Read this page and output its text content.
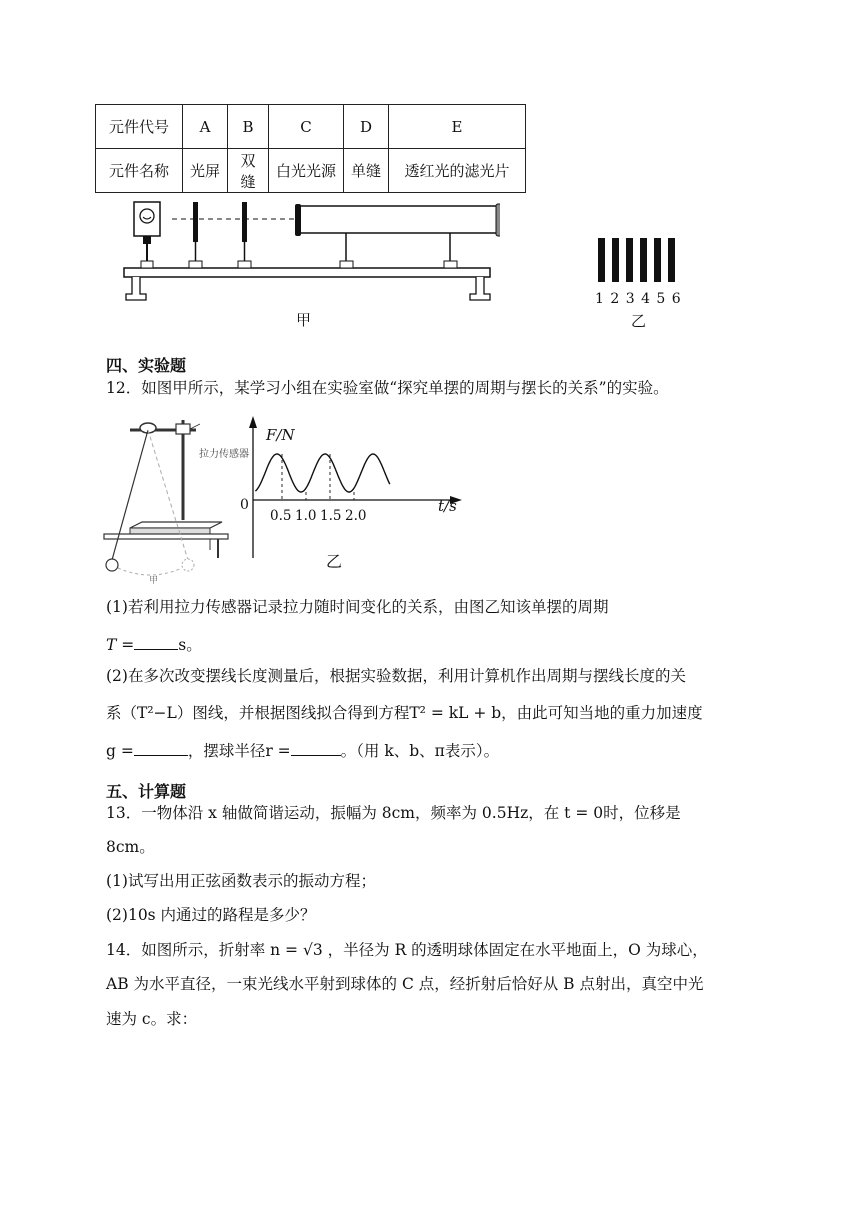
元件代号	A	B	C	D	E
元件名称	光屏	双缝	白光光源	单缝	透红光的滤光片
1 2 3 4 5 6
甲	乙
四、实验题
12．如图甲所示，某学习小组在实验室做“探究单摆的周期与摆长的关系”的实验。
拉力传感器
甲
F/N
t/s
0
0.5 1.0 1.5 2.0
乙
(1)若利用拉力传感器记录拉力随时间变化的关系，由图乙知该单摆的周期
T =	s。
(2)在多次改变摆线长度测量后，根据实验数据，利用计算机作出周期与摆线长度的关
系（T²−L）图线，并根据图线拟合得到方程T² = kL + b，由此可知当地的重力加速度
g =	，摆球半径r =	。（用 k、b、π表示）。
五、计算题
13．一物体沿 x 轴做简谐运动，振幅为 8cm，频率为 0.5Hz，在 t = 0时，位移是
8cm。
(1)试写出用正弦函数表示的振动方程；
(2)10s 内通过的路程是多少？
14．如图所示，折射率 n = √3 ，半径为 R 的透明球体固定在水平地面上，O 为球心，
AB 为水平直径，一束光线水平射到球体的 C 点，经折射后恰好从 B 点射出，真空中光
速为 c。求：
